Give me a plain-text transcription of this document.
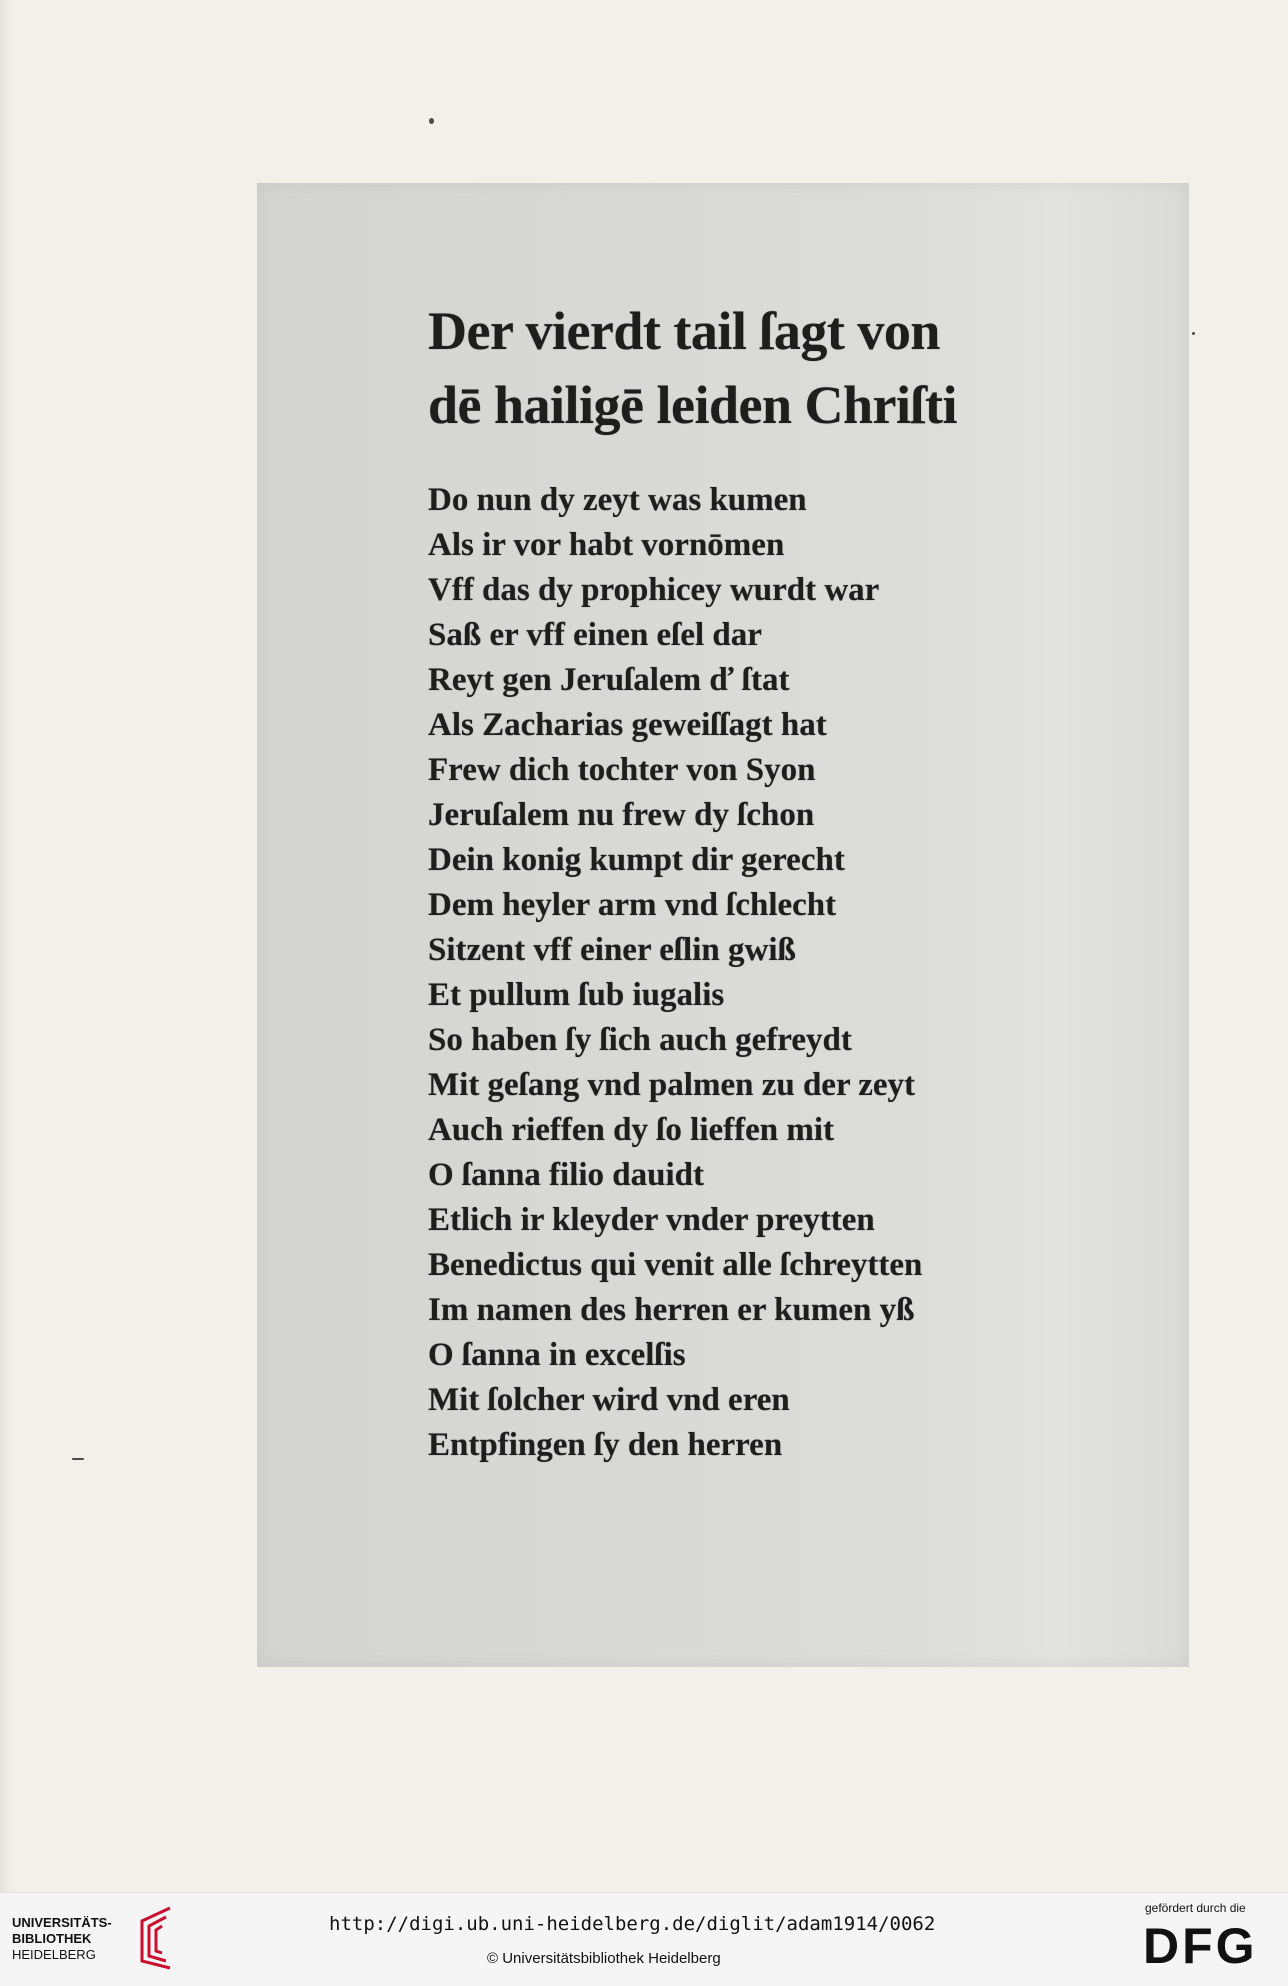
Der vierdt tail ſagt von
dē hailigē leiden Chriſti
Do nun dy zeyt was kumen
Als ir vor habt vornōmen
Vff das dy prophicey wurdt war
Saß er vff einen eſel dar
Reyt gen Jeruſalem ď ſtat
Als Zacharias geweiſſagt hat
Frew dich tochter von Syon
Jeruſalem nu frew dy ſchon
Dein konig kumpt dir gerecht
Dem heyler arm vnd ſchlecht
Sitzent vff einer eſlin gwiß
Et pullum ſub iugalis
So haben ſy ſich auch gefreydt
Mit geſang vnd palmen zu der zeyt
Auch rieffen dy ſo lieffen mit
O ſanna filio dauidt
Etlich ir kleyder vnder preytten
Benedictus qui venit alle ſchreytten
Im namen des herren er kumen yß
O ſanna in excelſis
Mit ſolcher wird vnd eren
Entpfingen ſy den herren
UNIVERSITÄTS-
BIBLIOTHEK
HEIDELBERG
http://digi.ub.uni-heidelberg.de/diglit/adam1914/0062
© Universitätsbibliothek Heidelberg
gefördert durch die
DFG
